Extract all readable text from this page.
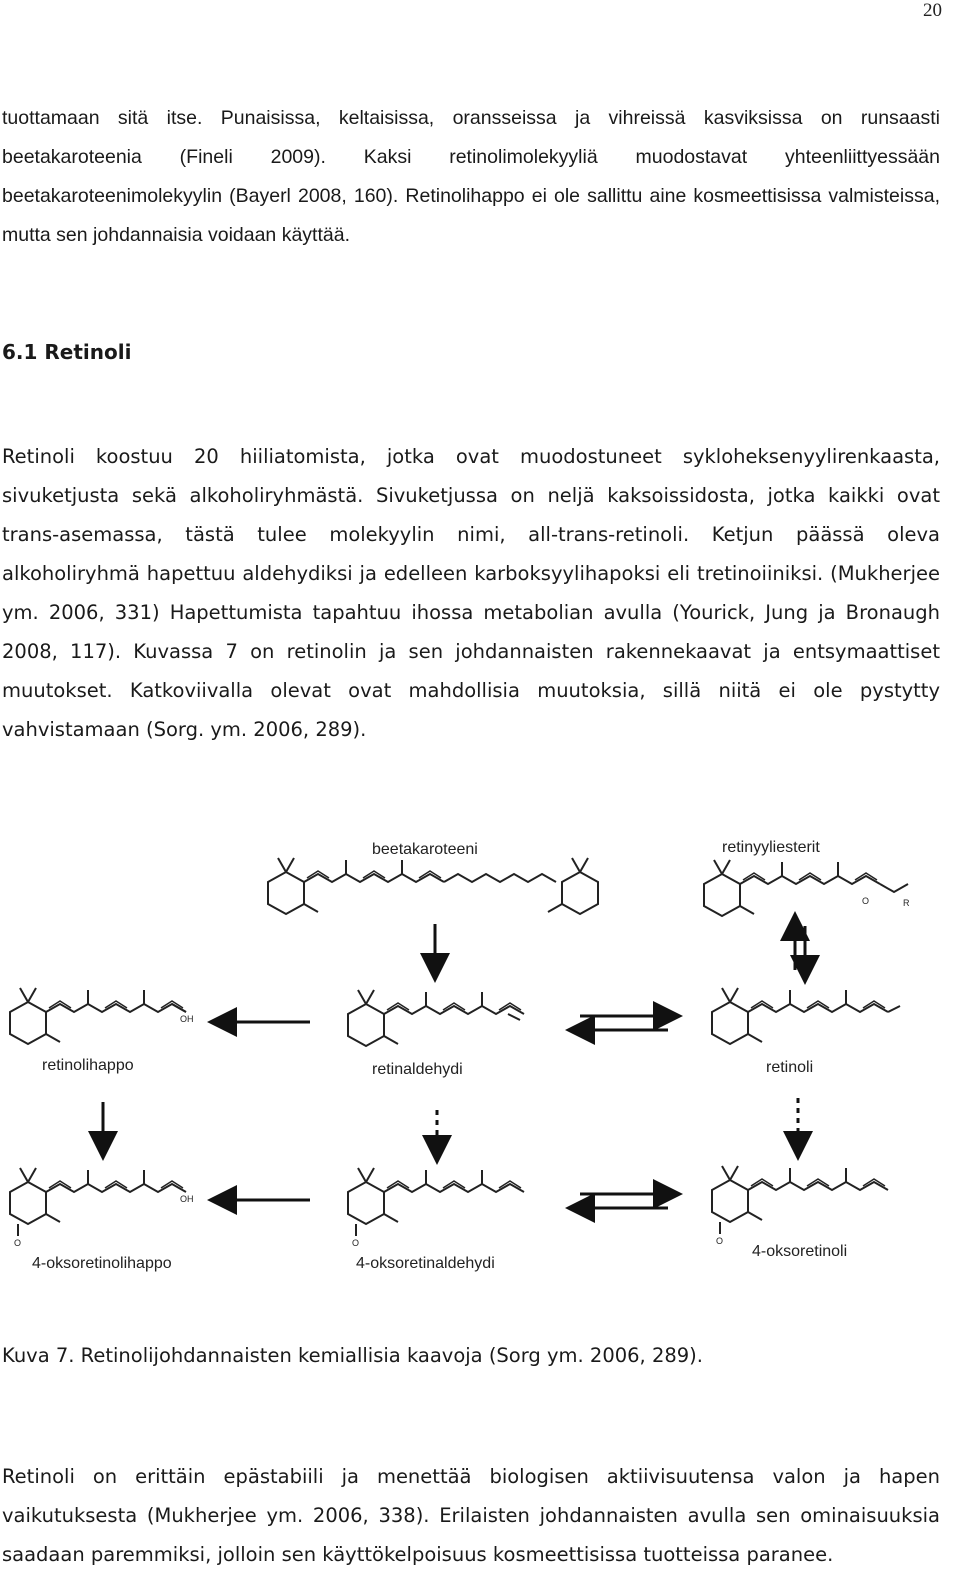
20

tuottamaan sitä itse. Punaisissa, keltaisissa, oransseissa ja vihreissä kasviksissa on runsaasti beetakaroteenia (Fineli 2009). Kaksi retinolimolekyyliä muodostavat yhteenliittyessään beetakaroteenimolekyylin (Bayerl 2008, 160). Retinolihappo ei ole sallittu aine kosmeettisissa valmisteissa, mutta sen johdannaisia voidaan käyttää.

6.1 Retinoli

Retinoli koostuu 20 hiiliatomista, jotka ovat muodostuneet sykloheksenyylirenkaasta, sivuketjusta sekä alkoholiryhmästä. Sivuketjussa on neljä kaksoissidosta, jotka kaikki ovat trans-asemassa, tästä tulee molekyylin nimi, all-trans-retinoli. Ketjun päässä oleva alkoholiryhmä hapettuu aldehydiksi ja edelleen karboksyylihapoksi eli tretinoiiniksi. (Mukherjee ym. 2006, 331) Hapettumista tapahtuu ihossa metabolian avulla (Yourick, Jung ja Bronaugh 2008, 117). Kuvassa 7 on retinolin ja sen johdannaisten rakennekaavat ja entsymaattiset muutokset. Katkoviivalla olevat ovat mahdollisia muutoksia, sillä niitä ei ole pystytty vahvistamaan (Sorg. ym. 2006, 289).

beetakaroteeni	retinyyliesterit
O	R
OH
retinolihappo	retinaldehydi	retinoli
O
OH
4-oksoretinolihappo
O
4-oksoretinaldehydi
O
4-oksoretinoli

Kuva 7. Retinolijohdannaisten kemiallisia kaavoja (Sorg ym. 2006, 289).

Retinoli on erittäin epästabiili ja menettää biologisen aktiivisuutensa valon ja hapen vaikutuksesta (Mukherjee ym. 2006, 338). Erilaisten johdannaisten avulla sen ominaisuuksia saadaan paremmiksi, jolloin sen käyttökelpoisuus kosmeettisissa tuotteissa paranee.
